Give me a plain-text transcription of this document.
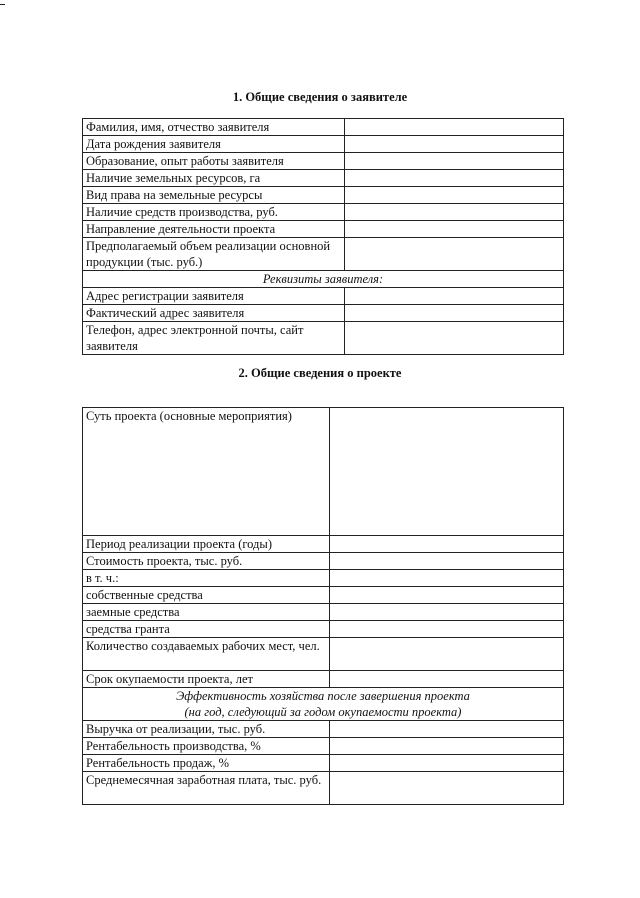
1. Общие сведения о заявителе
Фамилия, имя, отчество заявителя	
Дата рождения заявителя	
Образование, опыт работы заявителя	
Наличие земельных ресурсов, га	
Вид права на земельные ресурсы	
Наличие средств производства, руб.	
Направление деятельности проекта	
Предполагаемый объем реализации основной продукции (тыс. руб.)	
Реквизиты заявителя:	
Адрес регистрации заявителя	
Фактический адрес заявителя	
Телефон, адрес электронной почты, сайт заявителя	
2. Общие сведения о проекте
Суть проекта (основные мероприятия)	
Период реализации проекта (годы)	
Стоимость проекта, тыс. руб.	
в т. ч.:	
собственные средства	
заемные средства	
средства гранта	
Количество создаваемых рабочих мест, чел.	
Срок окупаемости проекта, лет	

Эффективность хозяйства после завершения проекта
(на год, следующий за годом окупаемости проекта)	

Выручка от реализации, тыс. руб.	
Рентабельность производства, %	
Рентабельность продаж, %	
Среднемесячная заработная плата, тыс. руб.	
